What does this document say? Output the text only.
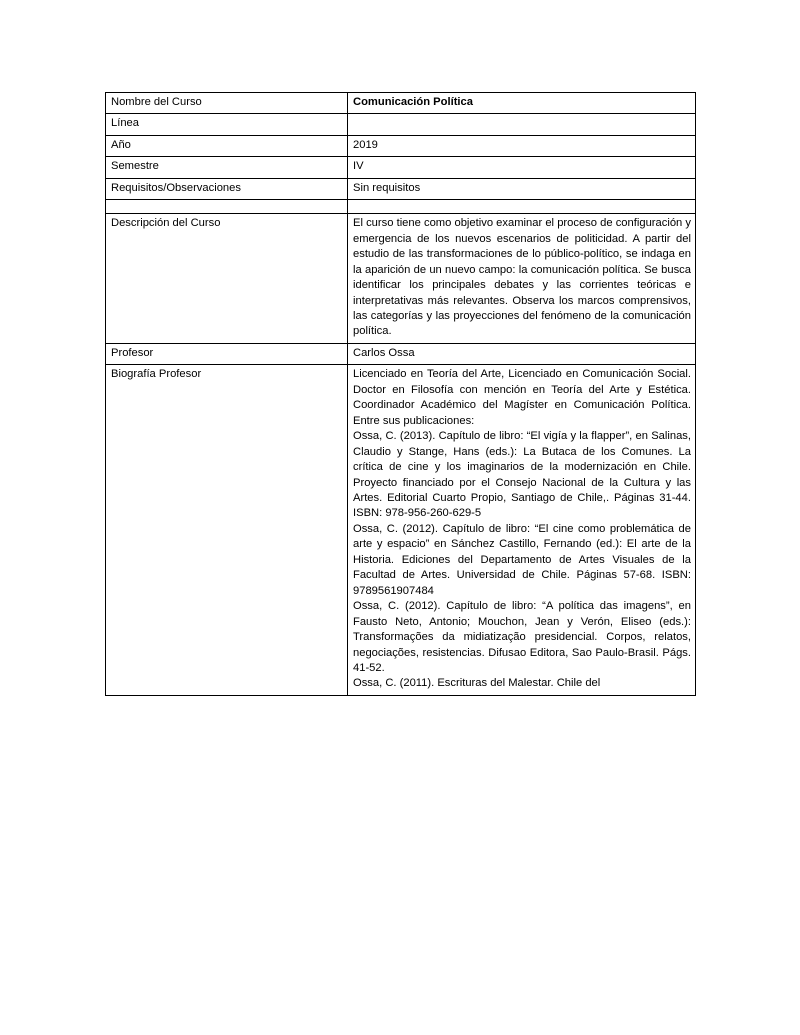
Nombre del Curso	Comunicación Política
Línea	
Año	2019
Semestre	IV
Requisitos/Observaciones	Sin requisitos

Descripción del Curso	El curso tiene como objetivo examinar el proceso de configuración y emergencia de los nuevos escenarios de politicidad. A partir del estudio de las transformaciones de lo público-político, se indaga en la aparición de un nuevo campo: la comunicación política. Se busca identificar los principales debates y las corrientes teóricas e interpretativas más relevantes. Observa los marcos comprensivos, las categorías y las proyecciones del fenómeno de la comunicación política.
Profesor	Carlos Ossa
Biografía Profesor	Licenciado en Teoría del Arte, Licenciado en Comunicación Social. Doctor en Filosofía con mención en Teoría del Arte y Estética. Coordinador Académico del Magíster en Comunicación Política. Entre sus publicaciones:

Ossa, C. (2013). Capítulo de libro: “El vigía y la flapper”, en Salinas, Claudio y Stange, Hans (eds.): La Butaca de los Comunes. La crítica de cine y los imaginarios de la modernización en Chile. Proyecto financiado por el Consejo Nacional de la Cultura y las Artes. Editorial Cuarto Propio, Santiago de Chile,. Páginas 31-44. ISBN: 978-956-260-629-5

Ossa, C. (2012). Capítulo de libro: “El cine como problemática de arte y espacio” en Sánchez Castillo, Fernando (ed.): El arte de la Historia. Ediciones del Departamento de Artes Visuales de la Facultad de Artes. Universidad de Chile. Páginas 57-68. ISBN: 9789561907484

Ossa, C. (2012). Capítulo de libro: “A política das imagens”, en Fausto Neto, Antonio; Mouchon, Jean y Verón, Eliseo (eds.): Transformações da midiatização presidencial. Corpos, relatos, negociações, resistencias. Difusao Editora, Sao Paulo-Brasil. Págs. 41-52.

Ossa, C. (2011). Escrituras del Malestar. Chile del
